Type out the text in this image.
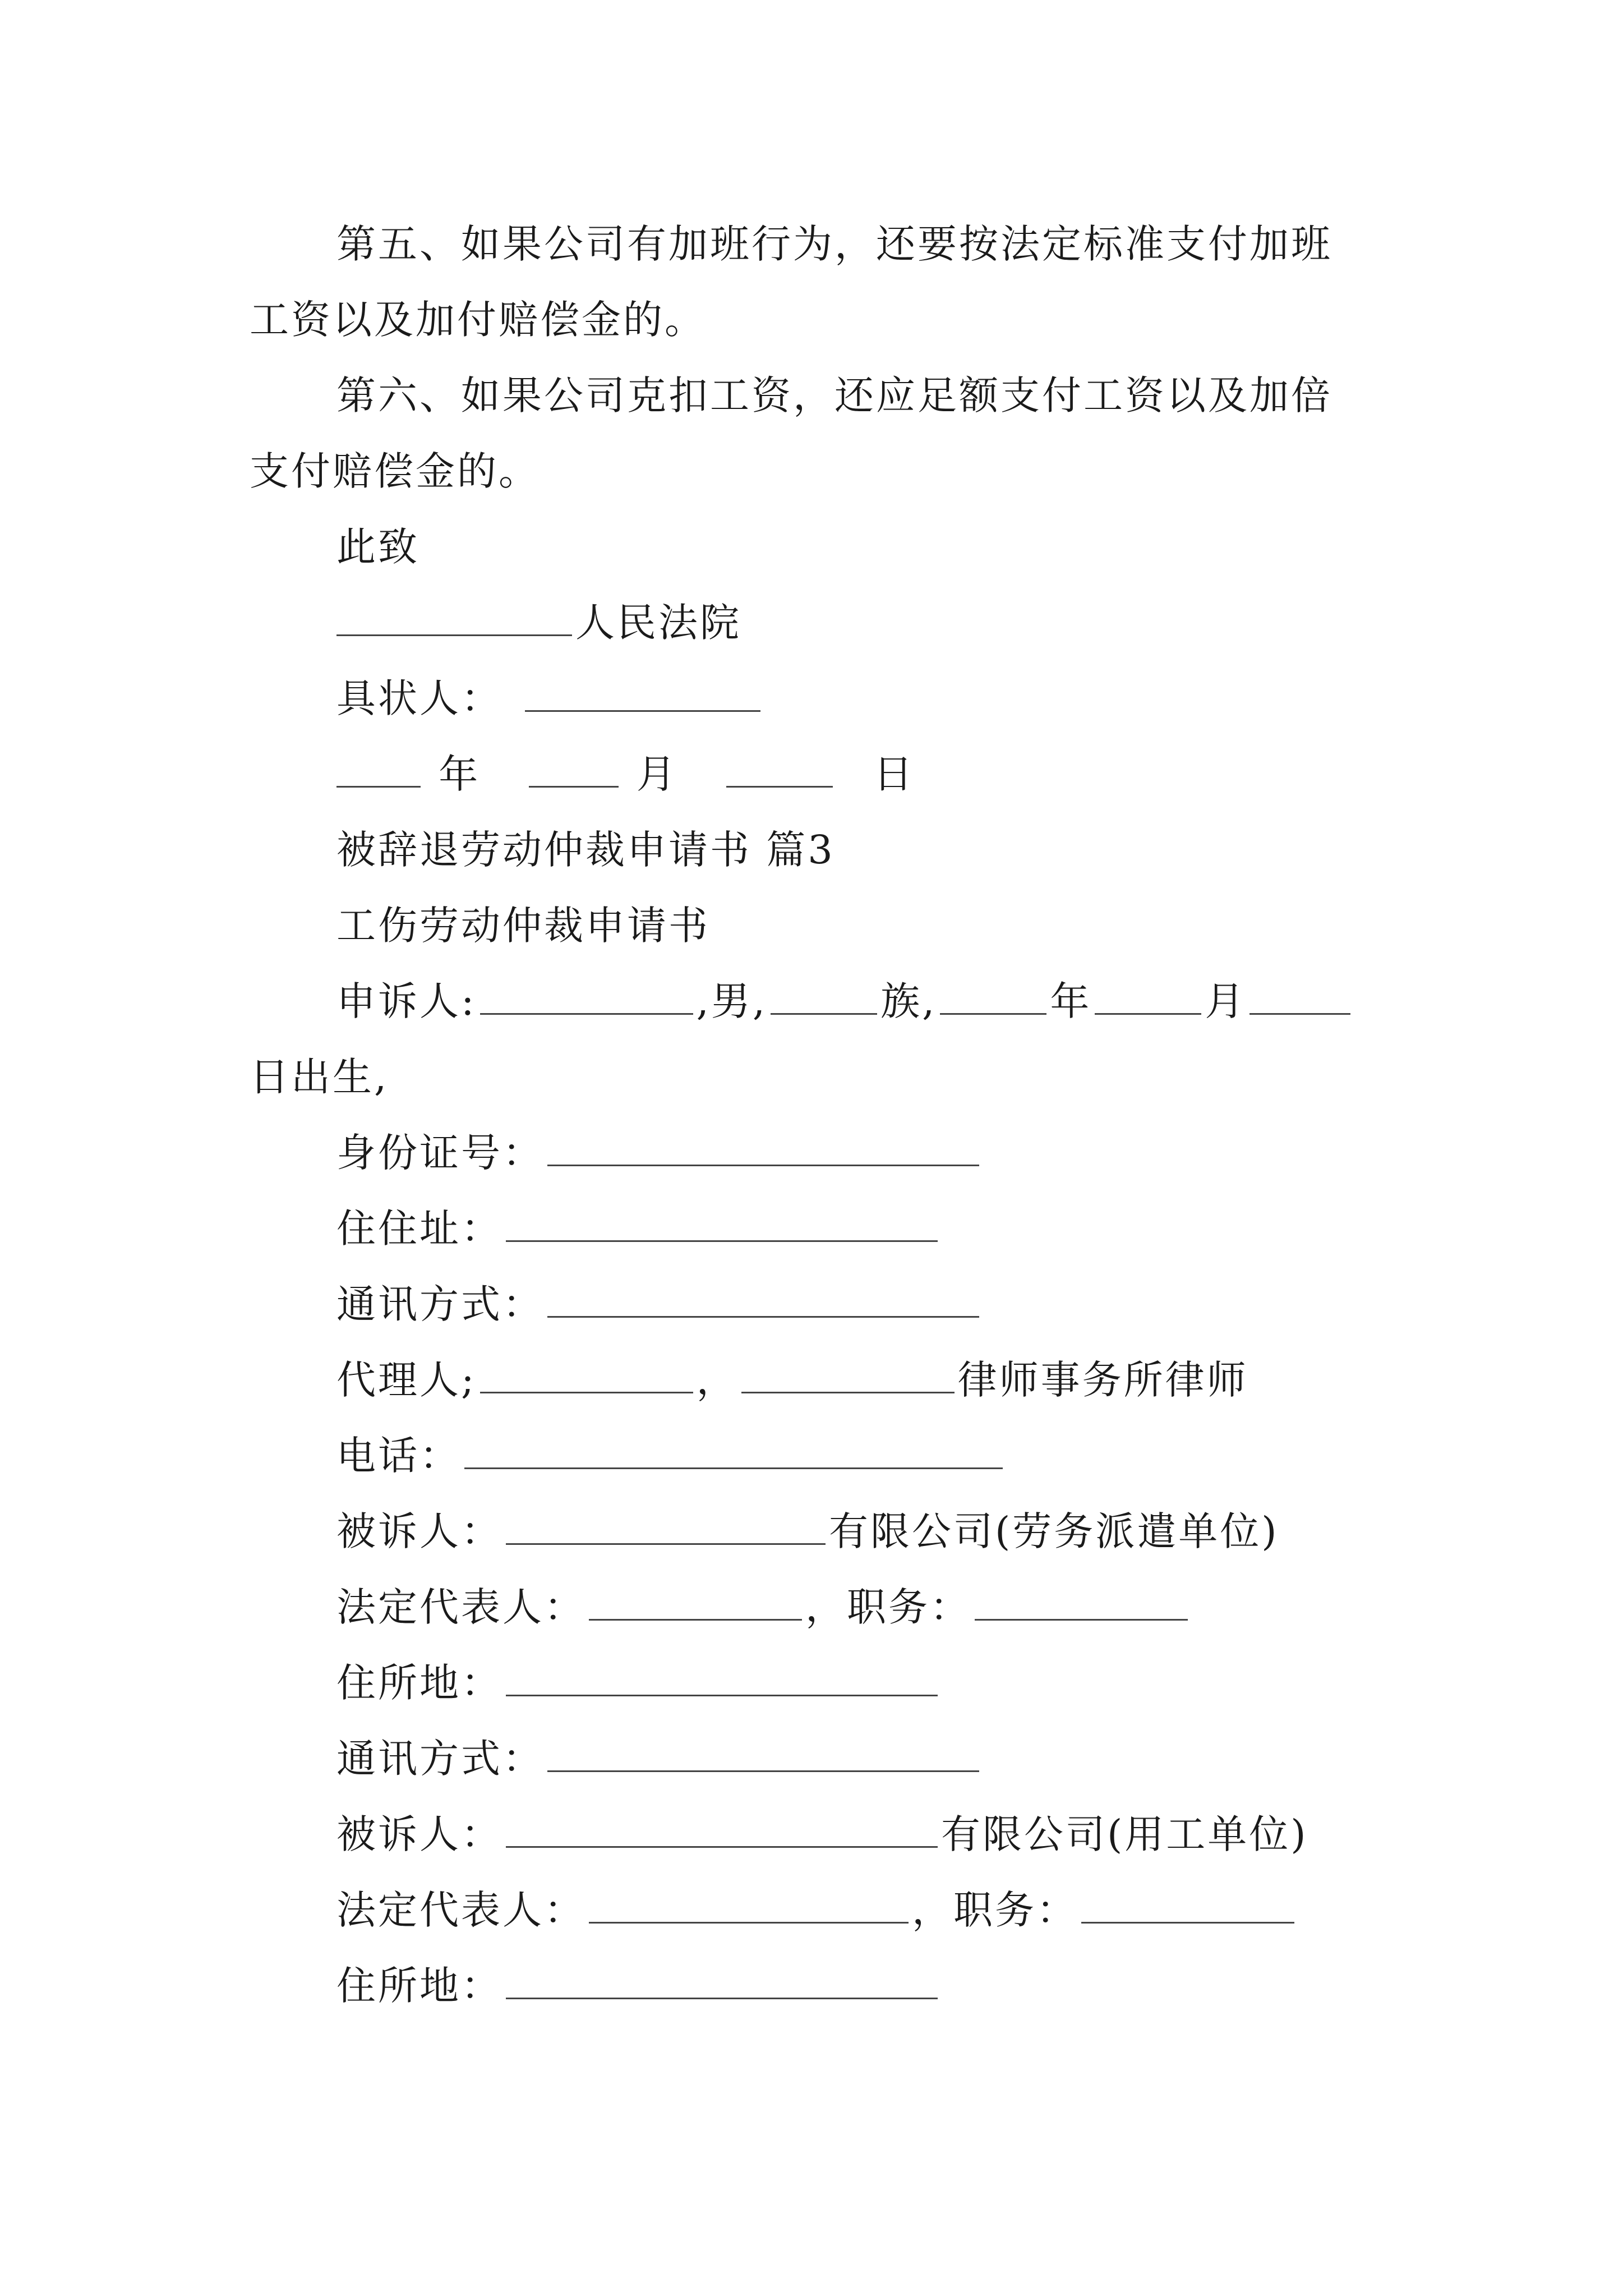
第五、如果公司有加班行为，还要按法定标准支付加班
工资以及加付赔偿金的。
第六、如果公司克扣工资，还应足额支付工资以及加倍
支付赔偿金的。
此致
人民法院
具状人：
年	月	日
被辞退劳动仲裁申请书 篇3
工伤劳动仲裁申请书
申诉人:	,男,	族,	年	月
日出生,
身份证号：
住住址：
通讯方式：
代理人;	，	律师事务所律师
电话：
被诉人：	有限公司(劳务派遣单位)
法定代表人：	，职务：
住所地：
通讯方式：
被诉人：	有限公司(用工单位)
法定代表人：	，职务：
住所地：
